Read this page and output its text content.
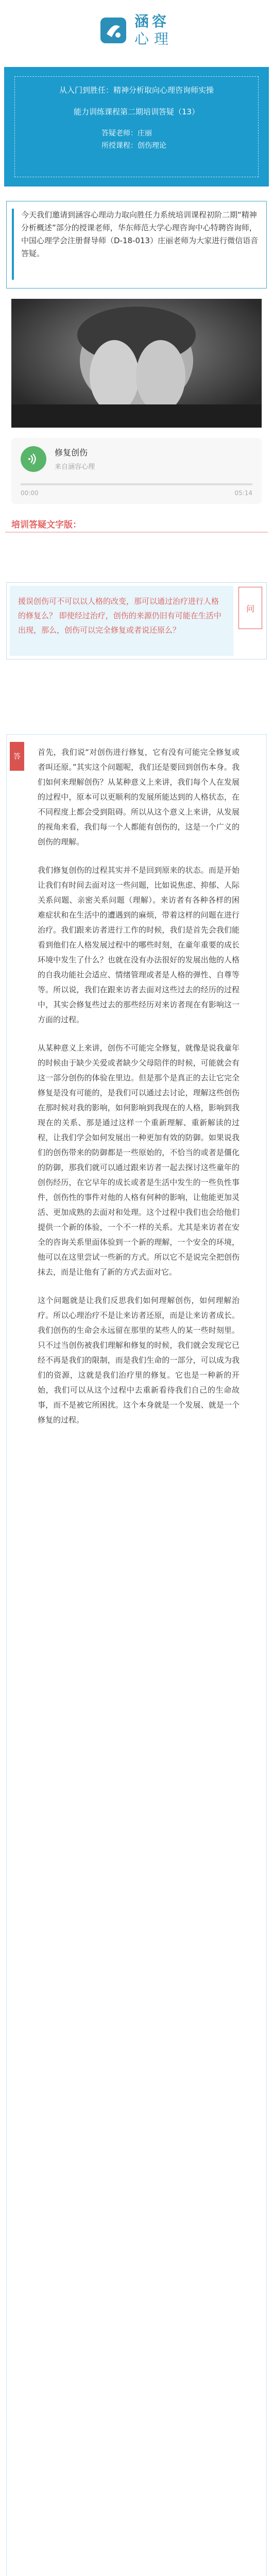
涵容
心理
从入门到胜任：精神分析取向心理咨询师实操
能力训练课程第二期培训答疑（13）
答疑老师：庄丽
所授课程：创伤理论

今天我们邀请到涵容心理动力取向胜任力系统培训课程初阶二期“精神分析概述”部分的授课老师，华东师范大学心理咨询中心特聘咨询师，中国心理学会注册督导师（D-18-013）庄丽老师为大家进行微信语音答疑。

修复创伤
来自涵容心理
00:00	05:14
培训答疑文字版：

援误创伤可不可以以人格的改变，那可以通过治疗进行人格的修复么？ 即使经过治疗，创伤的来源仍旧有可能在生活中出现，那么，创伤可以完全修复或者说还原么？

问
答	首先，我们说“对创伤进行修复，它有没有可能完全修复或者叫还原。”其实这个问题呢，我们还是要回到创伤本身。我们如何来理解创伤？从某种意义上来讲，我们每个人在发展的过程中，原本可以更顺利的发展所能达到的人格状态，在不同程度上都会受到阻碍。所以从这个意义上来讲，从发展的视角来看，我们每一个人都能有创伤的，这是一个广义的创伤的理解。

我们修复创伤的过程其实并不是回到原来的状态。而是开始让我们有时间去面对这一些问题，比如说焦虑、抑郁、人际关系问题、亲密关系问题（理解）。来访者有各种各样的困难症状和在生活中的遭遇到的麻烦，带着这样的问题在进行治疗。我们跟来访者进行工作的时候，我们是首先会我们能看到他们在人格发展过程中的哪些时刻，在童年重要的成长环境中发生了什么？也就在没有办法很好的发展出他的人格的自我功能社会适应、情绪管理或者是人格的弹性、自尊等等。所以说，我们在跟来访者去面对这些过去的经历的过程中，其实会修复些过去的那些经历对来访者现在有影响这一方面的过程。

从某种意义上来讲，创伤不可能完全修复，就像是说我童年的时候由于缺少关爱或者缺少父母陪伴的时候，可能就会有这一部分创伤的体验在里边。但是那个是真正的去让它完全修复是没有可能的，是我们可以通过去讨论，理解这些创伤在那时候对我的影响，如何影响到我现在的人格，影响到我现在的关系、那是通过这样一个重新理解、重新解读的过程，让我们学会如何发展出一种更加有效的防御。如果说我们的创伤带来的防御都是一些原始的，不恰当的或者是僵化的防御，那我们就可以通过跟来访者一起去探讨这些童年的创伤经历，在它早年的成长或者是生活中发生的一些负性事件，创伤性的事件对他的人格有何种的影响，让他能更加灵活、更加成熟的去面对和处理。这个过程中我们也会给他们提供一个新的体验，一个不一样的关系。尤其是来访者在安全的咨询关系里面体验到一个新的理解，一个安全的环境，他可以在这里尝试一些新的方式。所以它不是说完全把创伤抹去，而是让他有了新的方式去面对它。

这个问题就是让我们反思我们如何理解创伤，如何理解治疗。所以心理治疗不是让来访者还原，而是让来访者成长。我们创伤的生命会永远留在那里的某些人的某一些时刻里。只不过当创伤被我们理解和修复的时候，我们就会发现它已经不再是我们的限制，而是我们生命的一部分，可以成为我们的资源，这就是我们治疗里的修复。它也是一种新的开始，我们可以从这个过程中去重新看待我们自己的生命故事，而不是被它所困扰。这个本身就是一个发展、就是一个修复的过程。
